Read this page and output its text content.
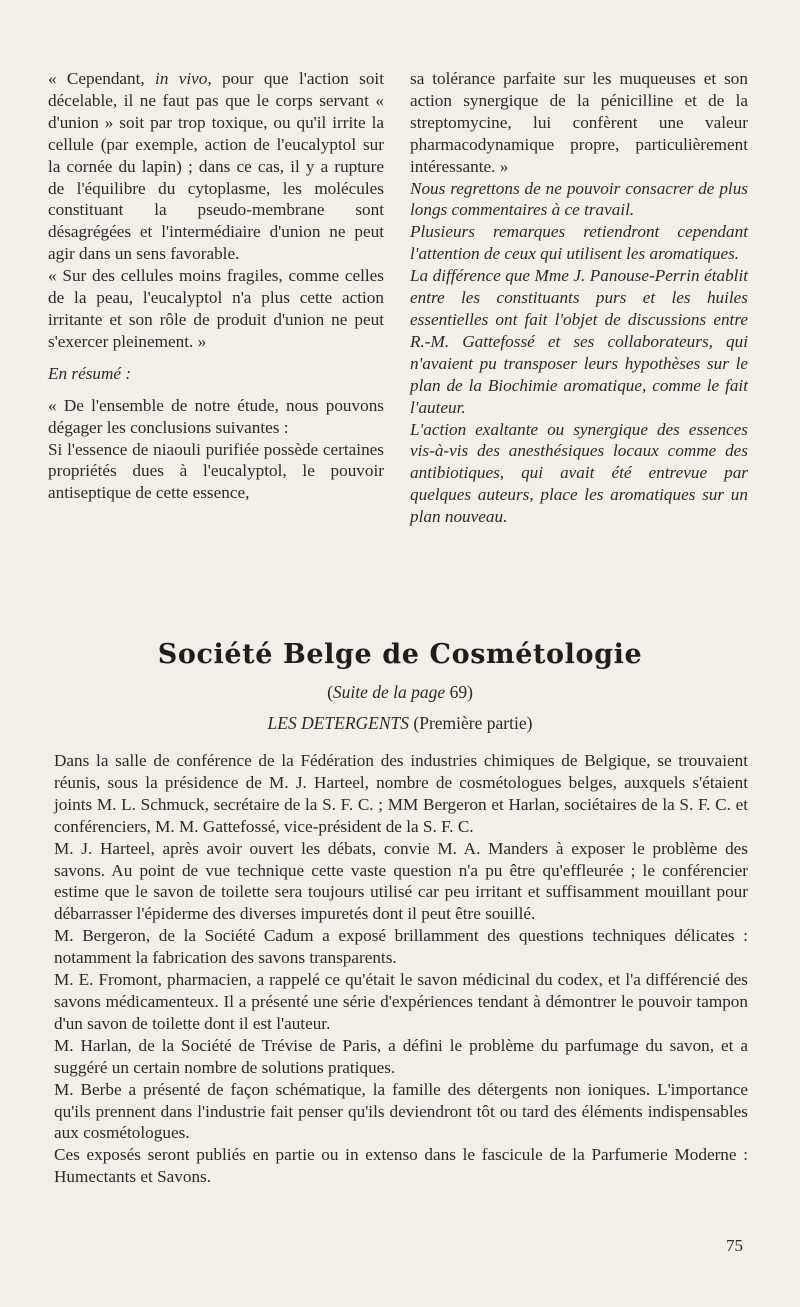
« Cependant, in vivo, pour que l'action soit décelable, il ne faut pas que le corps servant « d'union » soit par trop toxique, ou qu'il irrite la cellule (par exemple, action de l'eucalyptol sur la cornée du lapin) ; dans ce cas, il y a rupture de l'équilibre du cytoplasme, les molécules constituant la pseudo-membrane sont désagrégées et l'intermédiaire d'union ne peut agir dans un sens favorable.

« Sur des cellules moins fragiles, comme celles de la peau, l'eucalyptol n'a plus cette action irritante et son rôle de produit d'union ne peut s'exercer pleinement. »

En résumé :

« De l'ensemble de notre étude, nous pouvons dégager les conclusions suivantes :

Si l'essence de niaouli purifiée possède certaines propriétés dues à l'eucalyptol, le pouvoir antiseptique de cette essence,

sa tolérance parfaite sur les muqueuses et son action synergique de la pénicilline et de la streptomycine, lui confèrent une valeur pharmacodynamique propre, particulièrement intéressante. »

Nous regrettons de ne pouvoir consacrer de plus longs commentaires à ce travail.

Plusieurs remarques retiendront cependant l'attention de ceux qui utilisent les aromatiques.

La différence que Mme J. Panouse-Perrin établit entre les constituants purs et les huiles essentielles ont fait l'objet de discussions entre R.-M. Gattefossé et ses collaborateurs, qui n'avaient pu transposer leurs hypothèses sur le plan de la Biochimie aromatique, comme le fait l'auteur.

L'action exaltante ou synergique des essences vis-à-vis des anesthésiques locaux comme des antibiotiques, qui avait été entrevue par quelques auteurs, place les aromatiques sur un plan nouveau.

Société Belge de Cosmétologie

(Suite de la page 69)

LES DETERGENTS (Première partie)

Dans la salle de conférence de la Fédération des industries chimiques de Belgique, se trouvaient réunis, sous la présidence de M. J. Harteel, nombre de cosmétologues belges, auxquels s'étaient joints M. L. Schmuck, secrétaire de la S. F. C. ; MM Bergeron et Harlan, sociétaires de la S. F. C. et conférenciers, M. M. Gattefossé, vice-président de la S. F. C.

M. J. Harteel, après avoir ouvert les débats, convie M. A. Manders à exposer le problème des savons. Au point de vue technique cette vaste question n'a pu être qu'effleurée ; le conférencier estime que le savon de toilette sera toujours utilisé car peu irritant et suffisamment mouillant pour débarrasser l'épiderme des diverses impuretés dont il peut être souillé.

M. Bergeron, de la Société Cadum a exposé brillamment des questions techniques délicates : notamment la fabrication des savons transparents.

M. E. Fromont, pharmacien, a rappelé ce qu'était le savon médicinal du codex, et l'a différencié des savons médicamenteux. Il a présenté une série d'expériences tendant à démontrer le pouvoir tampon d'un savon de toilette dont il est l'auteur.

M. Harlan, de la Société de Trévise de Paris, a défini le problème du parfumage du savon, et a suggéré un certain nombre de solutions pratiques.

M. Berbe a présenté de façon schématique, la famille des détergents non ioniques. L'importance qu'ils prennent dans l'industrie fait penser qu'ils deviendront tôt ou tard des éléments indispensables aux cosmétologues.

Ces exposés seront publiés en partie ou in extenso dans le fascicule de la Parfumerie Moderne : Humectants et Savons.

75
